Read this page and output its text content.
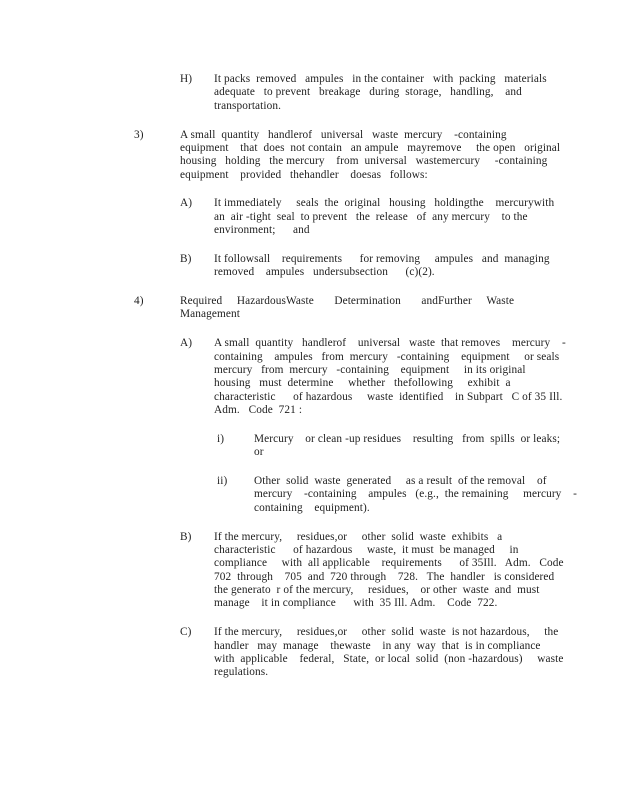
H)	It packs  removed   ampules   in the container   with  packing   materials
adequate   to prevent   breakage   during  storage,   handling,    and
transportation.
3)	A small  quantity   handlerof   universal   waste  mercury    -containing
equipment    that  does  not contain   an ampule   mayremove     the open   original
housing   holding   the mercury    from  universal   wastemercury     -containing
equipment    provided   thehandler    doesas   follows:
A)	It immediately     seals  the  original   housing   holdingthe    mercurywith
an  air -tight  seal  to prevent   the  release   of  any mercury    to the
environment;      and
B)	It followsall    requirements      for removing     ampules   and  managing
removed    ampules   undersubsection      (c)(2).
4)	Required     HazardousWaste       Determination       andFurther     Waste
Management
A)	A small  quantity   handlerof    universal   waste  that removes    mercury    -
containing    ampules   from  mercury   -containing    equipment     or seals
mercury   from  mercury   -containing    equipment     in its original
housing   must  determine     whether   thefollowing     exhibit  a
characteristic      of hazardous     waste  identified    in Subpart   C of 35 Ill.
Adm.   Code  721 :
i)	Mercury    or clean -up residues    resulting   from  spills  or leaks;
or
ii)	Other  solid  waste  generated     as a result  of the removal    of
mercury    -containing    ampules   (e.g.,  the remaining     mercury    -
containing    equipment).
B)	If the mercury,     residues,or     other  solid  waste  exhibits   a
characteristic      of hazardous     waste,  it must  be managed     in
compliance     with  all applicable    requirements      of 35Ill.   Adm.   Code
702  through    705  and  720 through    728.   The  handler   is considered
the generato  r of the mercury,     residues,    or other  waste  and  must
manage    it in compliance      with  35 Ill. Adm.    Code  722.
C)	If the mercury,     residues,or     other  solid  waste  is not hazardous,     the
handler   may  manage    thewaste    in any  way  that  is in compliance
with  applicable    federal,   State,  or local  solid  (non -hazardous)     waste
regulations.
